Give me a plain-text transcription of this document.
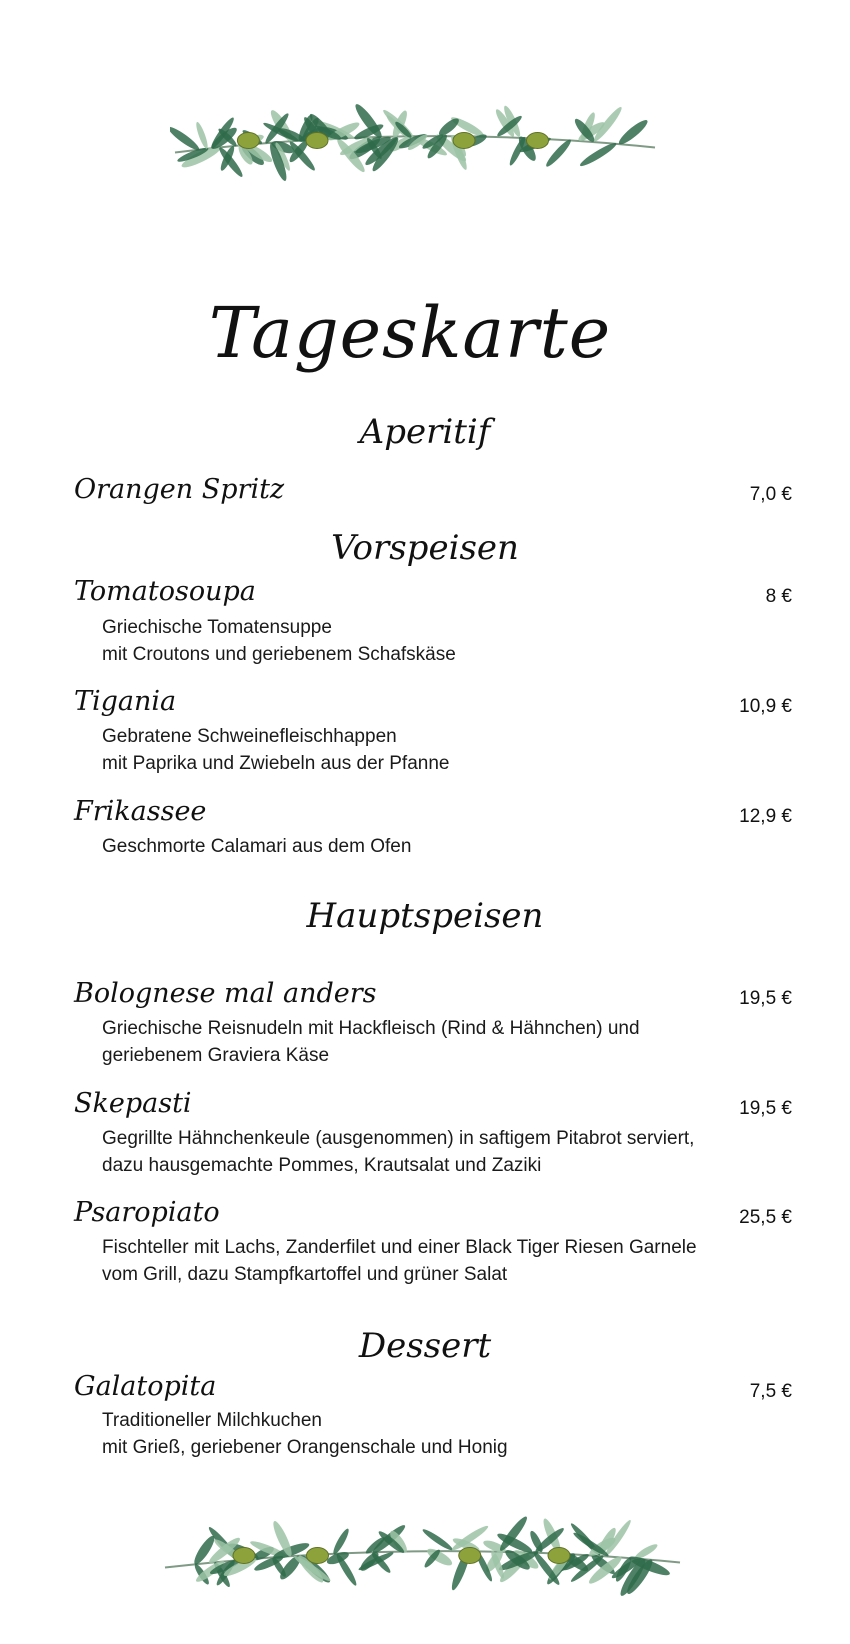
Tageskarte
Aperitif
Orangen Spritz	7,0 €
Vorspeisen
Tomatosoupa	8 €
Griechische Tomatensuppe
mit Croutons und geriebenem Schafskäse
Tigania	10,9 €
Gebratene Schweinefleischhappen
mit Paprika und Zwiebeln aus der Pfanne
Frikassee	12,9 €
Geschmorte Calamari aus dem Ofen
Hauptspeisen
Bolognese mal anders	19,5 €
Griechische Reisnudeln mit Hackfleisch (Rind & Hähnchen) und
geriebenem Graviera Käse
Skepasti	19,5 €
Gegrillte Hähnchenkeule (ausgenommen) in saftigem Pitabrot serviert,
dazu hausgemachte Pommes, Krautsalat und Zaziki
Psaropiato	25,5 €
Fischteller mit Lachs, Zanderfilet und einer Black Tiger Riesen Garnele
vom Grill, dazu Stampfkartoffel und grüner Salat
Dessert
Galatopita	7,5 €
Traditioneller Milchkuchen
mit Grieß, geriebener Orangenschale und Honig
